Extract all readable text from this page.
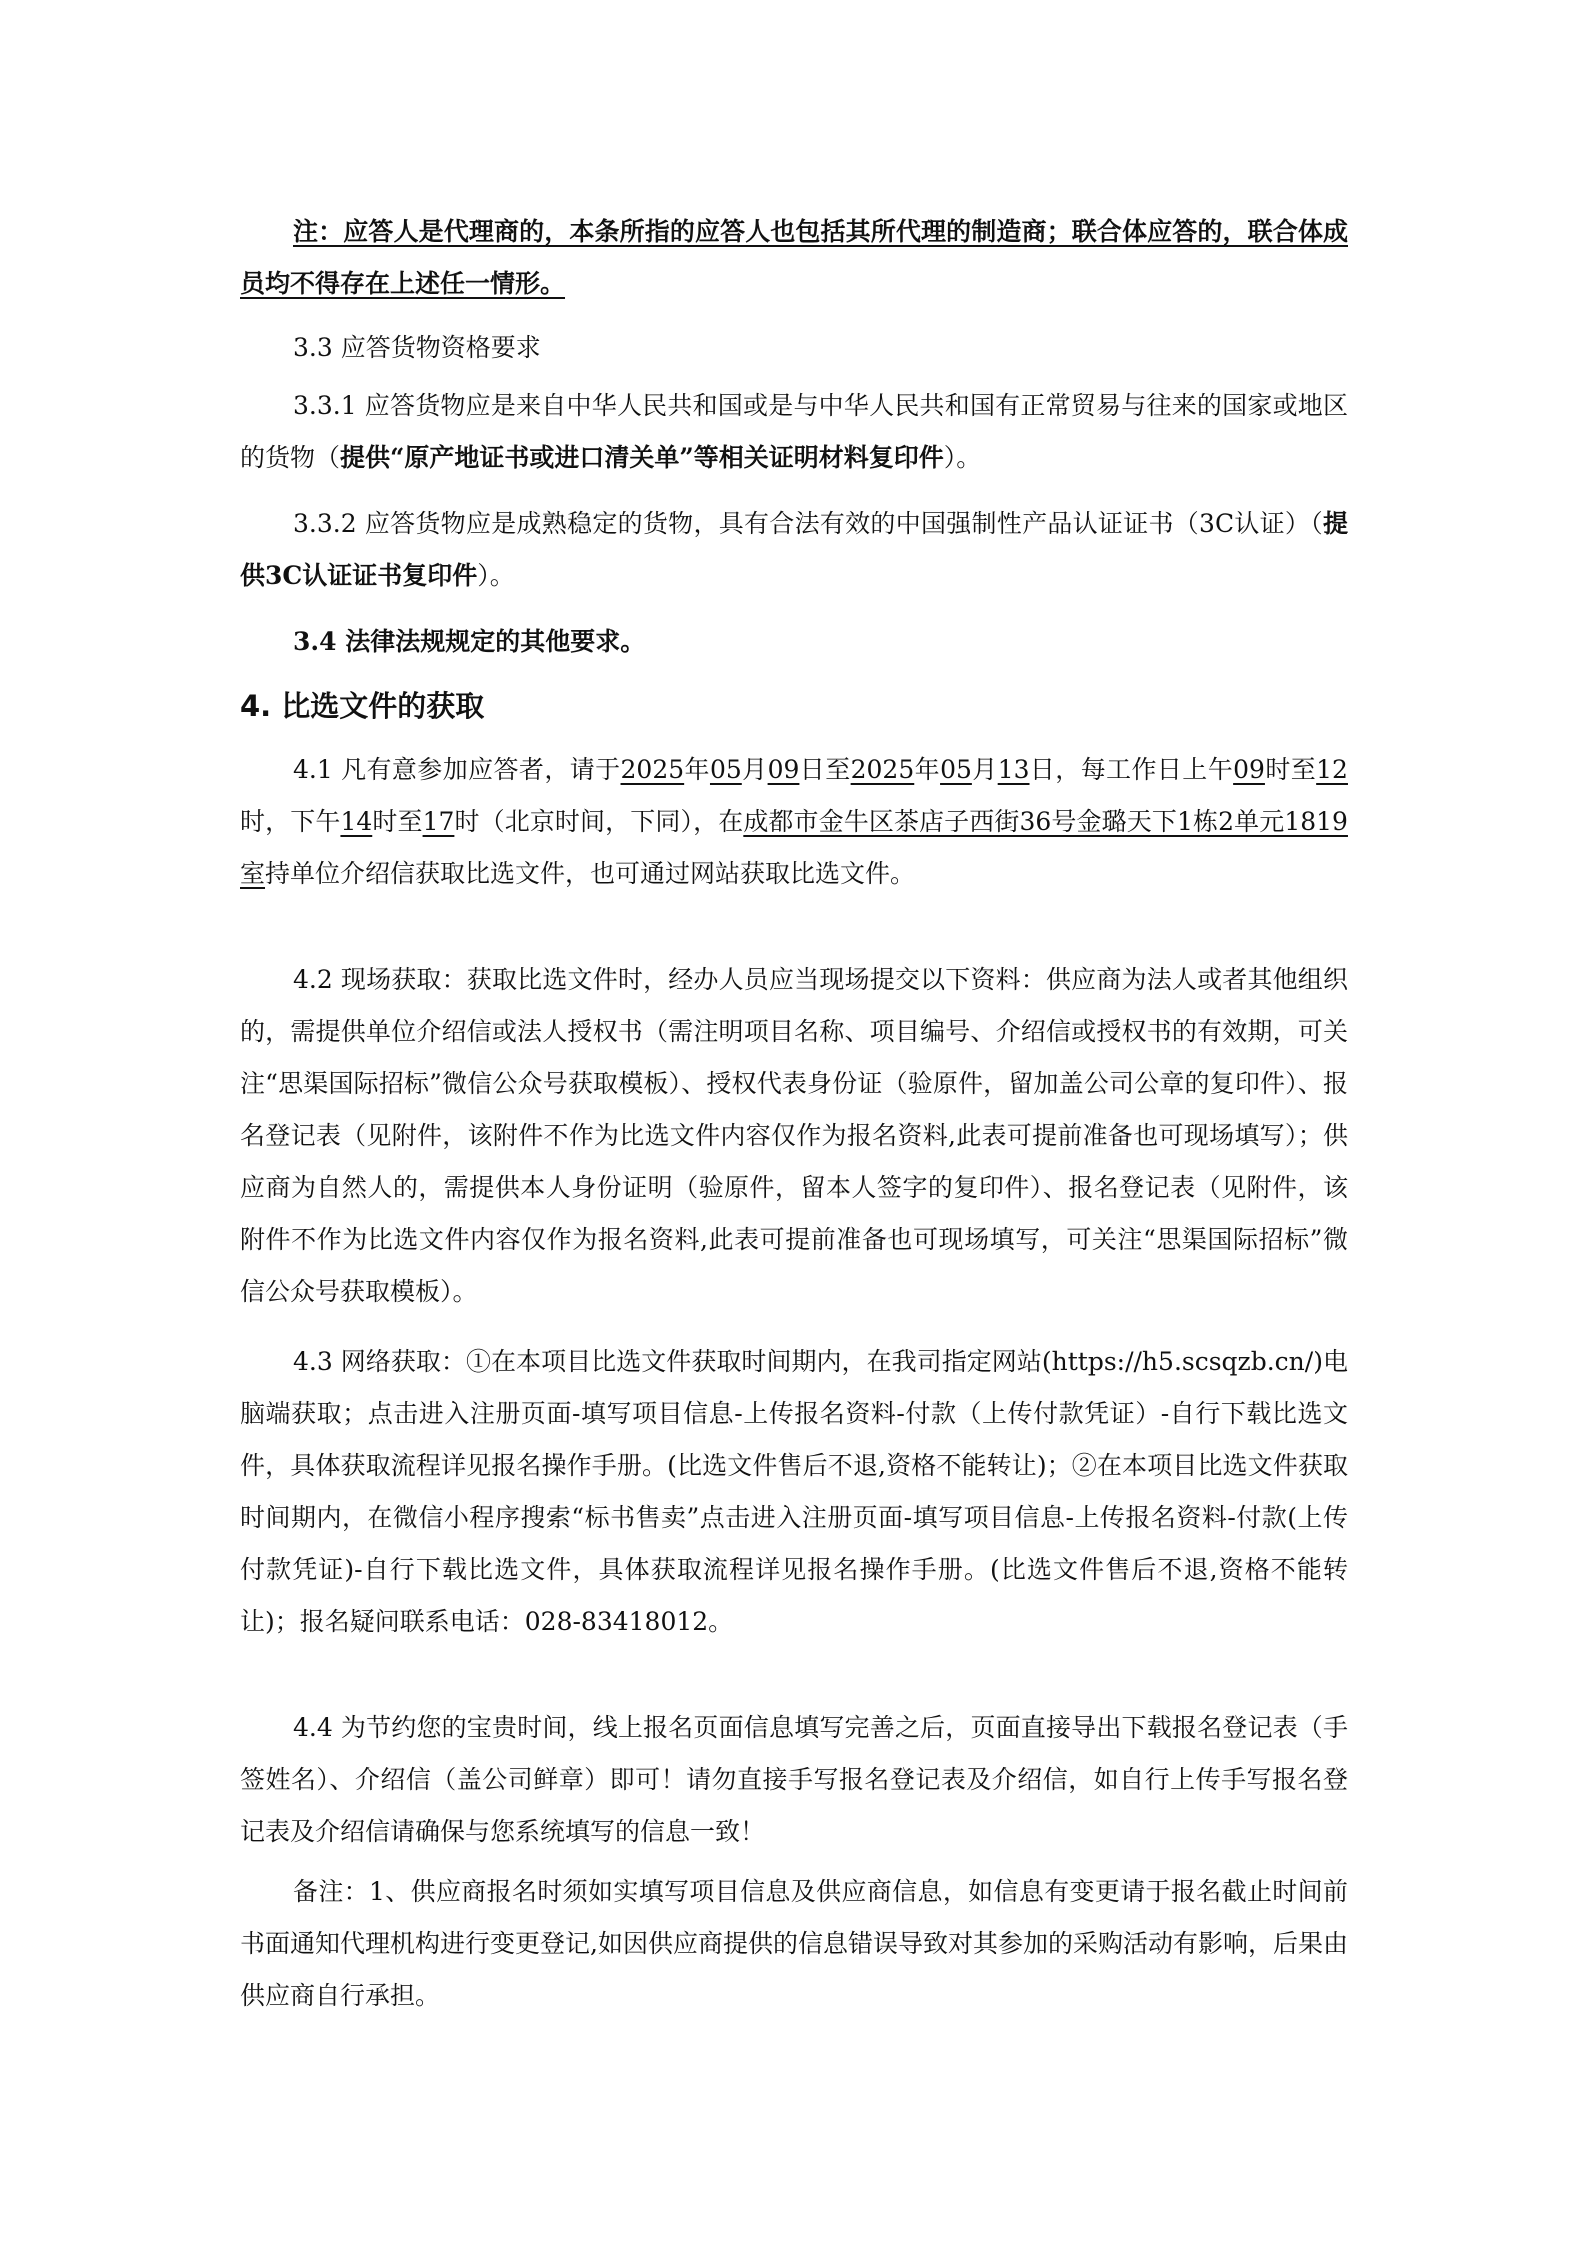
注：应答人是代理商的，本条所指的应答人也包括其所代理的制造商；联合体应答的，联合体成员均不得存在上述任一情形。

3.3 应答货物资格要求

3.3.1 应答货物应是来自中华人民共和国或是与中华人民共和国有正常贸易与往来的国家或地区的货物（提供“原产地证书或进口清关单”等相关证明材料复印件）。

3.3.2 应答货物应是成熟稳定的货物，具有合法有效的中国强制性产品认证证书（3C认证）（提供3C认证证书复印件）。

3.4 法律法规规定的其他要求。

4. 比选文件的获取

4.1 凡有意参加应答者，请于2025年05月09日至2025年05月13日，每工作日上午09时至12时，下午14时至17时（北京时间，下同），在成都市金牛区茶店子西街36号金璐天下1栋2单元1819室持单位介绍信获取比选文件，也可通过网站获取比选文件。

4.2 现场获取：获取比选文件时，经办人员应当现场提交以下资料：供应商为法人或者其他组织的，需提供单位介绍信或法人授权书（需注明项目名称、项目编号、介绍信或授权书的有效期，可关注“思渠国际招标”微信公众号获取模板）、授权代表身份证（验原件，留加盖公司公章的复印件）、报名登记表（见附件，该附件不作为比选文件内容仅作为报名资料,此表可提前准备也可现场填写）；供应商为自然人的，需提供本人身份证明（验原件，留本人签字的复印件）、报名登记表（见附件，该附件不作为比选文件内容仅作为报名资料,此表可提前准备也可现场填写，可关注“思渠国际招标”微信公众号获取模板）。

4.3 网络获取：①在本项目比选文件获取时间期内，在我司指定网站(https://h5.scsqzb.cn/)电脑端获取；点击进入注册页面-填写项目信息-上传报名资料-付款（上传付款凭证）-自行下载比选文件，具体获取流程详见报名操作手册。(比选文件售后不退,资格不能转让)；②在本项目比选文件获取时间期内，在微信小程序搜索“标书售卖”点击进入注册页面-填写项目信息-上传报名资料-付款(上传付款凭证)-自行下载比选文件，具体获取流程详见报名操作手册。(比选文件售后不退,资格不能转让)；报名疑问联系电话：028-83418012。

4.4 为节约您的宝贵时间，线上报名页面信息填写完善之后，页面直接导出下载报名登记表（手签姓名）、介绍信（盖公司鲜章）即可！请勿直接手写报名登记表及介绍信，如自行上传手写报名登记表及介绍信请确保与您系统填写的信息一致！

备注：1、供应商报名时须如实填写项目信息及供应商信息，如信息有变更请于报名截止时间前书面通知代理机构进行变更登记,如因供应商提供的信息错误导致对其参加的采购活动有影响，后果由供应商自行承担。
